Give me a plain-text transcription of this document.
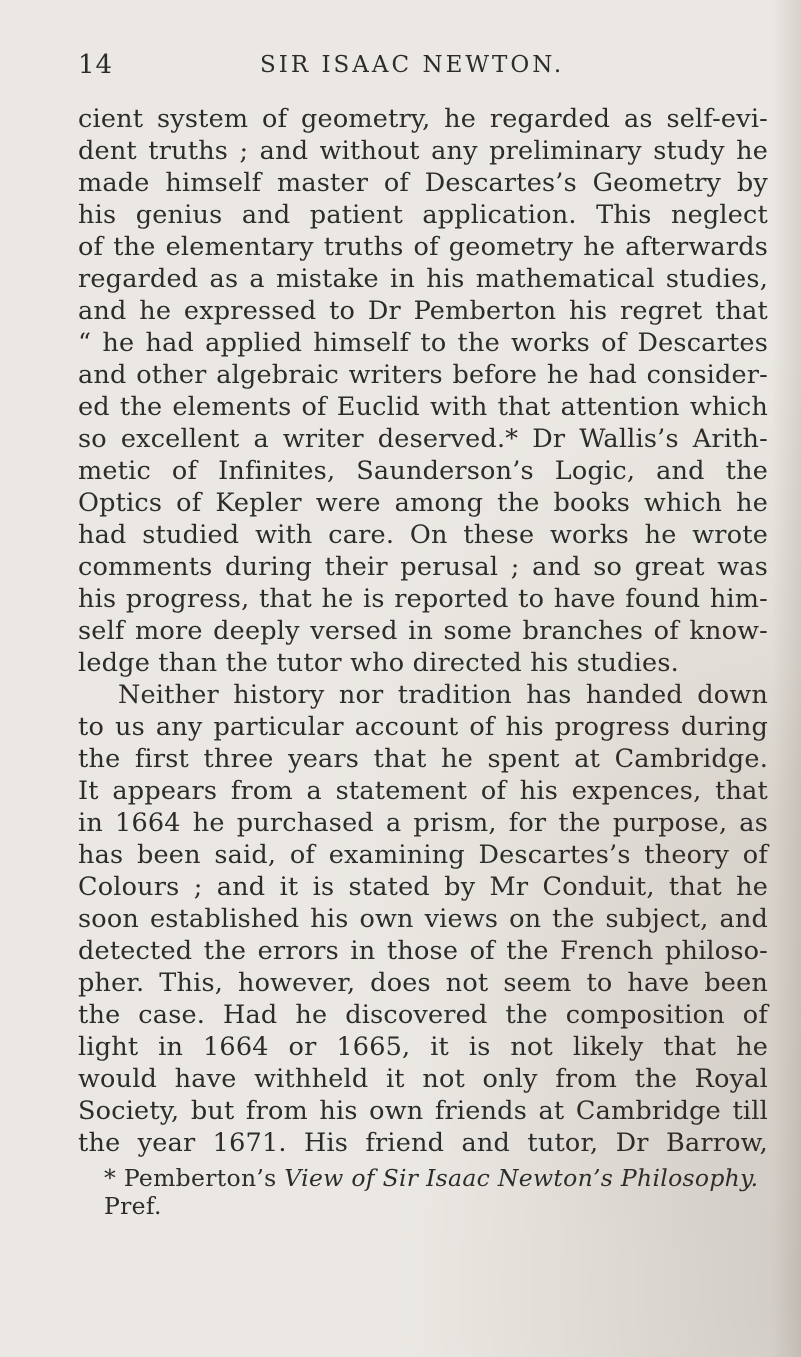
14	SIR ISAAC NEWTON.
cient system of geometry, he regarded as self-evi-
dent truths ; and without any preliminary study he
made himself master of Descartes’s Geometry by
his genius and patient application. This neglect
of the elementary truths of geometry he afterwards
regarded as a mistake in his mathematical studies,
and he expressed to Dr Pemberton his regret that
“ he had applied himself to the works of Descartes
and other algebraic writers before he had consider-
ed the elements of Euclid with that attention which
so excellent a writer deserved.* Dr Wallis’s Arith-
metic of Infinites, Saunderson’s Logic, and the
Optics of Kepler were among the books which he
had studied with care. On these works he wrote
comments during their perusal ; and so great was
his progress, that he is reported to have found him-
self more deeply versed in some branches of know-
ledge than the tutor who directed his studies.
Neither history nor tradition has handed down
to us any particular account of his progress during
the first three years that he spent at Cambridge.
It appears from a statement of his expences, that
in 1664 he purchased a prism, for the purpose, as
has been said, of examining Descartes’s theory of
Colours ; and it is stated by Mr Conduit, that he
soon established his own views on the subject, and
detected the errors in those of the French philoso-
pher. This, however, does not seem to have been
the case. Had he discovered the composition of
light in 1664 or 1665, it is not likely that he
would have withheld it not only from the Royal
Society, but from his own friends at Cambridge till
the year 1671. His friend and tutor, Dr Barrow,
* Pemberton’s View of Sir Isaac Newton’s Philosophy. Pref.
